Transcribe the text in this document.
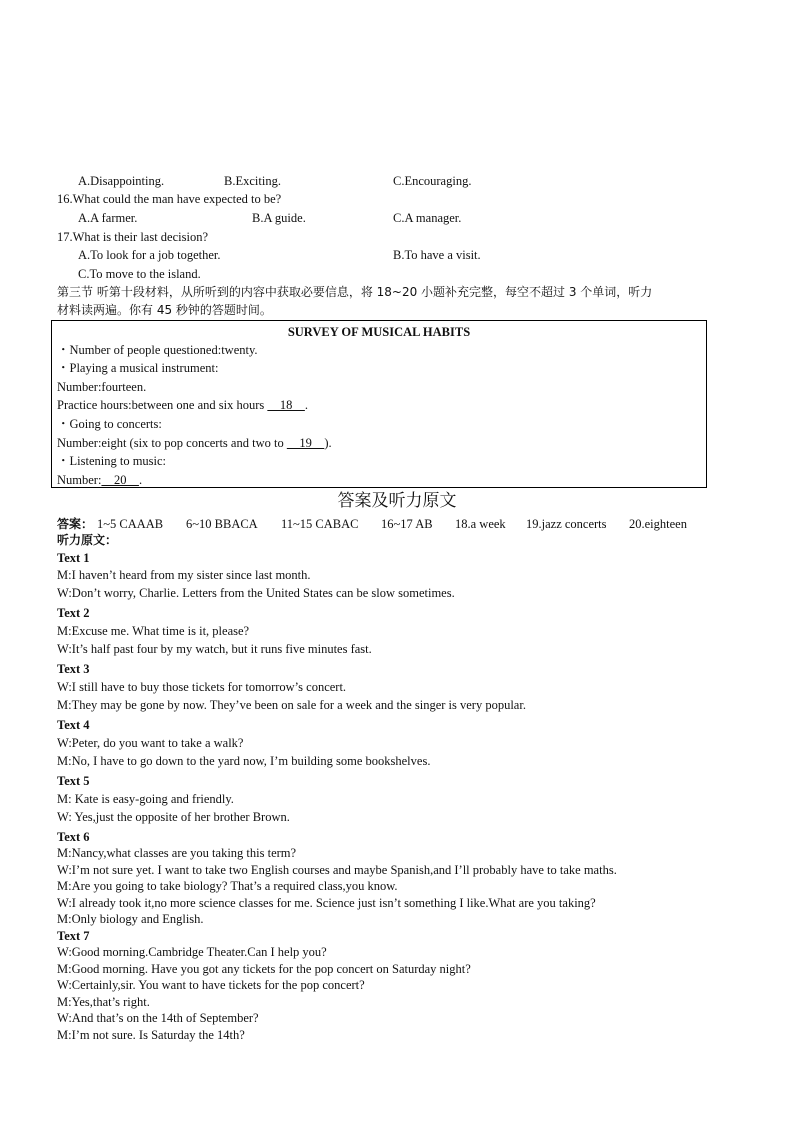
A.Disappointing.	B.Exciting.	C.Encouraging.
16.What could the man have expected to be?
A.A farmer.	B.A guide.	C.A manager.
17.What is their last decision?
A.To look for a job together.	B.To have a visit.
C.To move to the island.
第三节 听第十段材料，从所听到的内容中获取必要信息，将 18~20 小题补充完整，每空不超过 3 个单词，听力
材料读两遍。你有 45 秒钟的答题时间。
SURVEY OF MUSICAL HABITS
・Number of people questioned:twenty.
・Playing a musical instrument:
Number:fourteen.
Practice hours:between one and six hours     18    .
・Going to concerts:
Number:eight (six to pop concerts and two to     19    ).
・Listening to music:
Number:    20    .
答案及听力原文
答案： 1~5 CAAAB 6~10 BBACA 11~15 CABAC 16~17 AB 18.a week 19.jazz concerts 20.eighteen
听力原文：
Text 1
M:I haven’t heard from my sister since last month.
W:Don’t worry, Charlie. Letters from the United States can be slow sometimes.
Text 2
M:Excuse me. What time is it, please?
W:It’s half past four by my watch, but it runs five minutes fast.
Text 3
W:I still have to buy those tickets for tomorrow’s concert.
M:They may be gone by now. They’ve been on sale for a week and the singer is very popular.
Text 4
W:Peter, do you want to take a walk?
M:No, I have to go down to the yard now, I’m building some bookshelves.
Text 5
M: Kate is easy-going and friendly.
W: Yes,just the opposite of her brother Brown.
Text 6
M:Nancy,what classes are you taking this term?
W:I’m not sure yet. I want to take two English courses and maybe Spanish,and I’ll probably have to take maths.
M:Are you going to take biology? That’s a required class,you know.
W:I already took it,no more science classes for me. Science just isn’t something I like.What are you taking?
M:Only biology and English.
Text 7
W:Good morning.Cambridge Theater.Can I help you?
M:Good morning. Have you got any tickets for the pop concert on Saturday night?
W:Certainly,sir. You want to have tickets for the pop concert?
M:Yes,that’s right.
W:And that’s on the 14th of September?
M:I’m not sure. Is Saturday the 14th?
